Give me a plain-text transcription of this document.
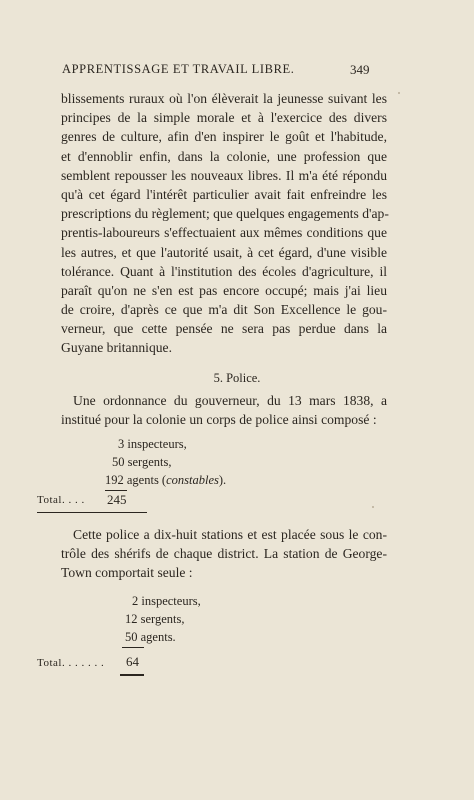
APPRENTISSAGE ET TRAVAIL LIBRE.	349
blissements ruraux où l'on élèverait la jeunesse suivant les
principes de la simple morale et à l'exercice des divers
genres de culture, afin d'en inspirer le goût et l'habitude,
et d'ennoblir enfin, dans la colonie, une profession que
semblent repousser les nouveaux libres. Il m'a été répondu
qu'à cet égard l'intérêt particulier avait fait enfreindre les
prescriptions du règlement; que quelques engagements d'ap-
prentis-laboureurs s'effectuaient aux mêmes conditions que
les autres, et que l'autorité usait, à cet égard, d'une visible
tolérance. Quant à l'institution des écoles d'agriculture, il
paraît qu'on ne s'en est pas encore occupé; mais j'ai lieu
de croire, d'après ce que m'a dit Son Excellence le gou-
verneur, que cette pensée ne sera pas perdue dans la
Guyane britannique.
5. Police.
Une ordonnance du gouverneur, du 13 mars 1838, a
institué pour la colonie un corps de police ainsi composé :
3 inspecteurs,
50 sergents,
192 agents (constables).
Total. . . . 245
Cette police a dix-huit stations et est placée sous le con-
trôle des shérifs de chaque district. La station de George-
Town comportait seule :
2 inspecteurs,
12 sergents,
50 agents.
Total. . . . . . . 64
